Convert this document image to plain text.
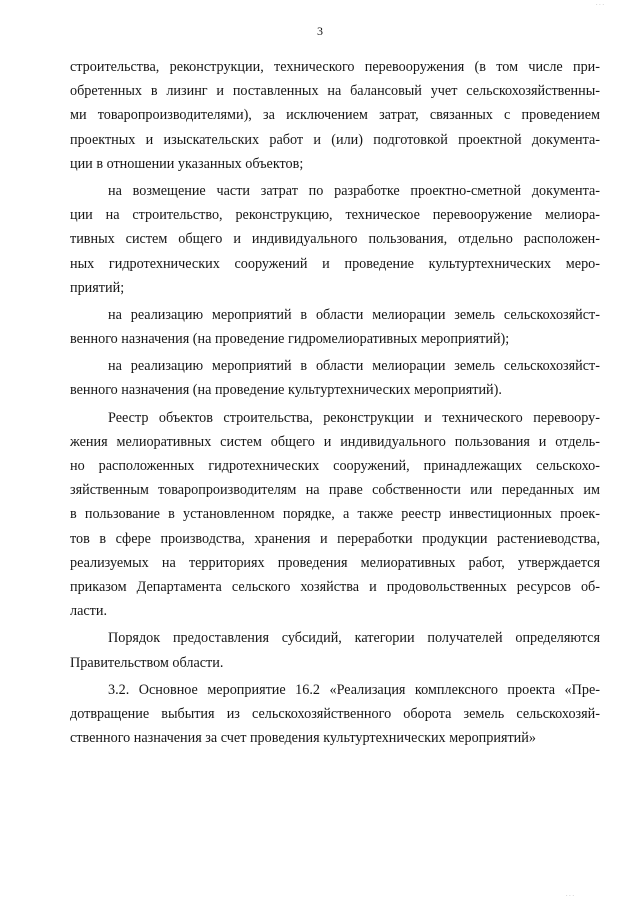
3
строительства, реконструкции, технического перевооружения (в том числе при-
обретенных в лизинг и поставленных на балансовый учет сельскохозяйственны-
ми товаропроизводителями), за исключением затрат, связанных с проведением
проектных и изыскательских работ и (или) подготовкой проектной документа-
ции в отношении указанных объектов;
на возмещение части затрат по разработке проектно-сметной документа-
ции на строительство, реконструкцию, техническое перевооружение мелиора-
тивных систем общего и индивидуального пользования, отдельно расположен-
ных гидротехнических сооружений и проведение культуртехнических меро-
приятий;
на реализацию мероприятий в области мелиорации земель сельскохозяйст-
венного назначения (на проведение гидромелиоративных мероприятий);
на реализацию мероприятий в области мелиорации земель сельскохозяйст-
венного назначения (на проведение культуртехнических мероприятий).
Реестр объектов строительства, реконструкции и технического перевоору-
жения мелиоративных систем общего и индивидуального пользования и отдель-
но расположенных гидротехнических сооружений, принадлежащих сельскохо-
зяйственным товаропроизводителям на праве собственности или переданных им
в пользование в установленном порядке, а также реестр инвестиционных проек-
тов в сфере производства, хранения и переработки продукции растениеводства,
реализуемых на территориях проведения мелиоративных работ, утверждается
приказом Департамента сельского хозяйства и продовольственных ресурсов об-
ласти.
Порядок предоставления субсидий, категории получателей определяются
Правительством области.
3.2. Основное мероприятие 16.2 «Реализация комплексного проекта «Пре-
дотвращение выбытия из сельскохозяйственного оборота земель сельскохозяй-
ственного назначения за счет проведения культуртехнических мероприятий»
· · ·
· · ·
